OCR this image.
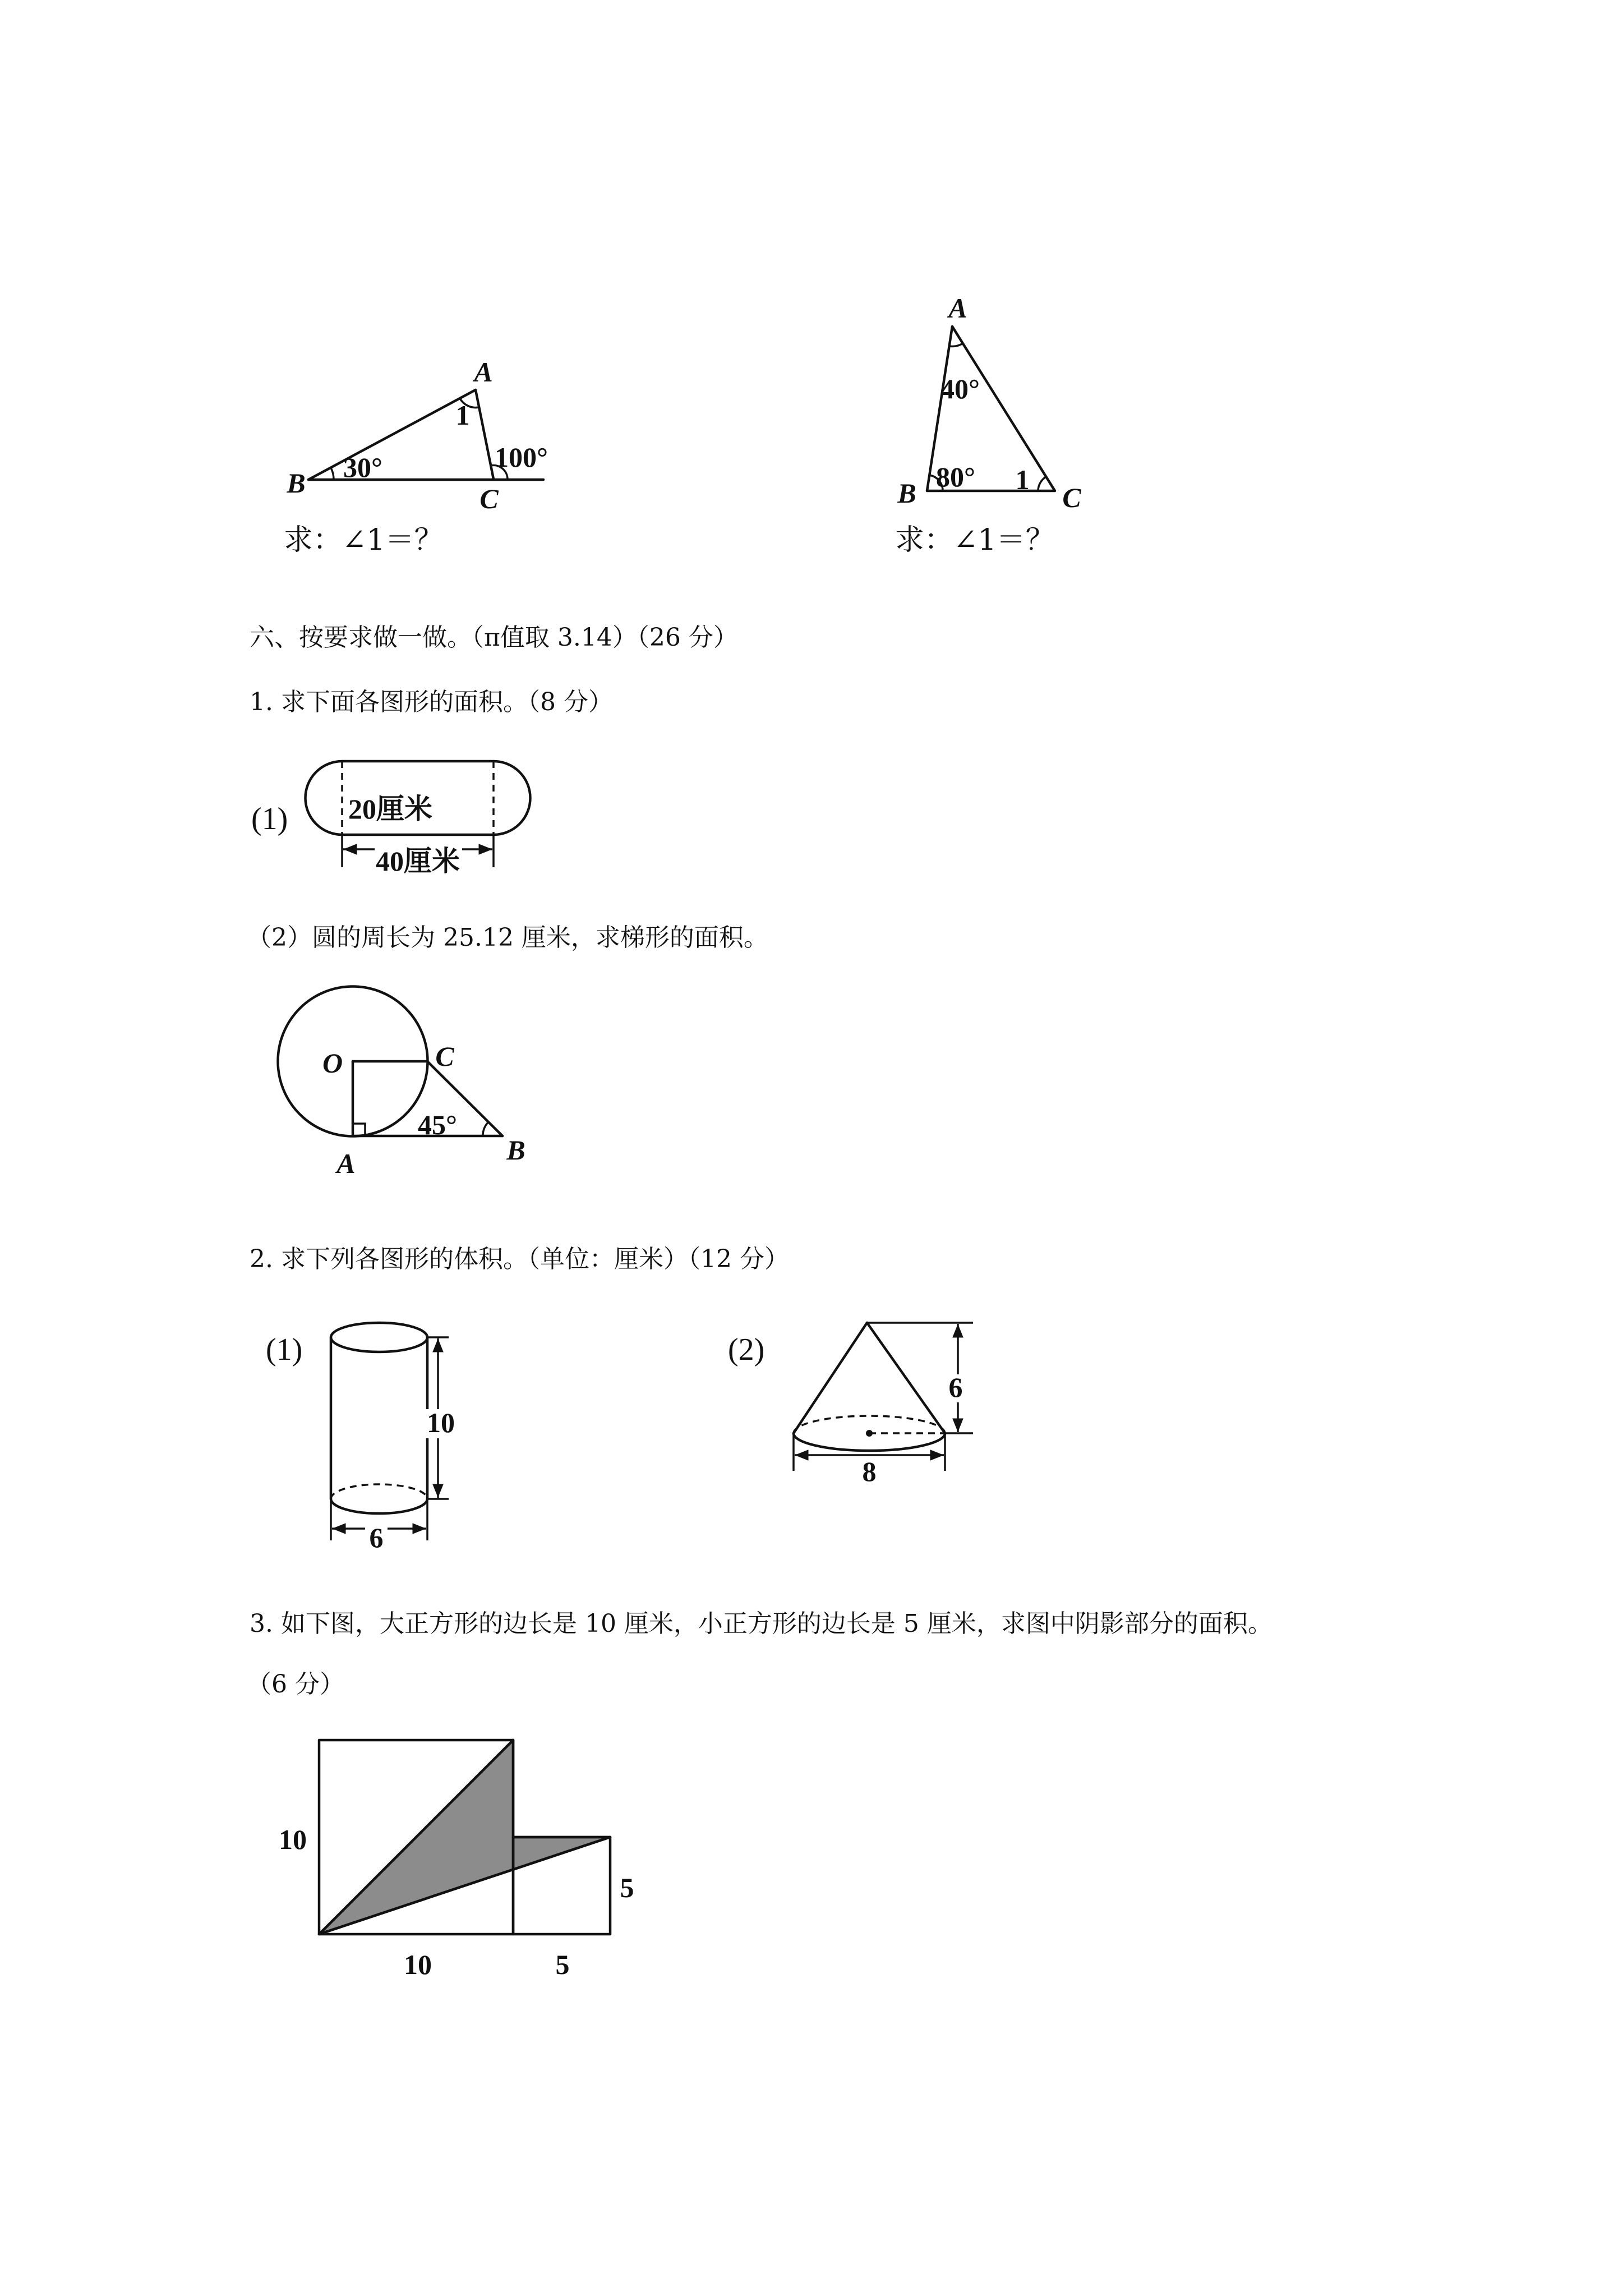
六、按要求做一做。（π值取 3.14）（26 分）
1. 求下面各图形的面积。（8 分）
（2）圆的周长为 25.12 厘米，求梯形的面积。
2. 求下列各图形的体积。（单位：厘米）（12 分）
3. 如下图，大正方形的边长是 10 厘米，小正方形的边长是 5 厘米，求图中阴影部分的面积。
（6 分）
A
B	C
1
30°	100°
求：∠1＝？
A
B	C
40°
80° 1
求：∠1＝？
(1) 20厘米
40厘米
O	C
A	B
45°
(1)
10
6
(2)
6
8
10
5
10	5
